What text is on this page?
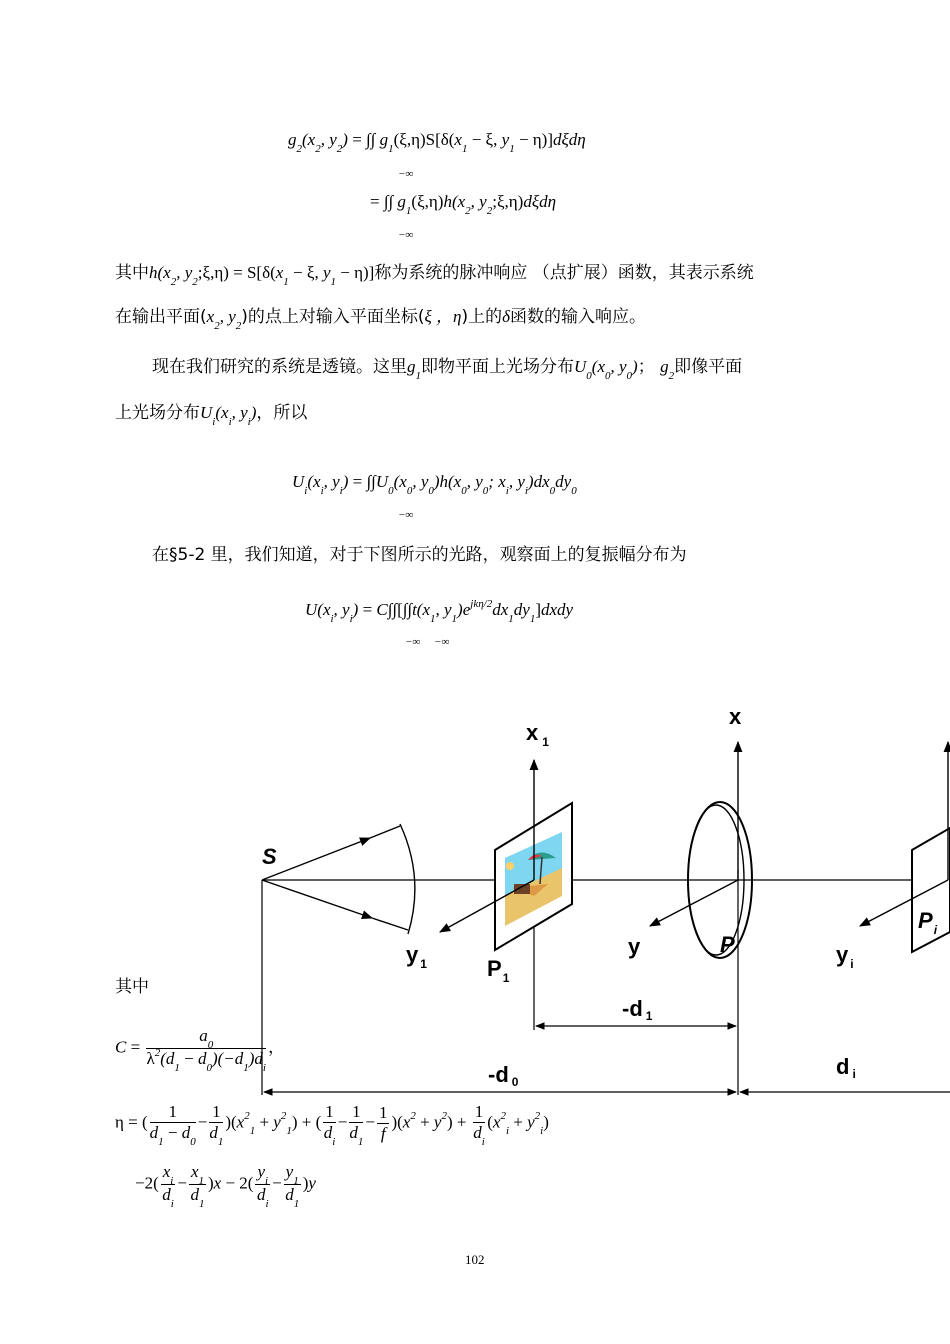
$g_2(x_2$, $y_2$) = ∫∫ $g_1(\xi,\eta)S[\delta(x_1 - \xi$, $y_1 - \eta)]d\xi d\eta$
−∞
= ∫∫ $g_1(\xi,\eta)h(x_2$, $y_2;\xi,\eta)d\xi d\eta$
−∞
其中$h(x_2$, $y_2;\xi,\eta) = S[\delta(x_1 - \xi$, $y_1 - \eta$)]称为系统的脉冲响应 （点扩展）函数，其表示系统
在输出平面($x_2$, $y_2$)的点上对输入平面坐标(ξ ，η)上的δ函数的输入响应。
现在我们研究的系统是透镜。这里$g_1$即物平面上光场分布$U_0(x_0$, $y_0$)； $g_2$即像平面
上光场分布$U_i(x_i$, $y_i$)，所以
$U_i(x_i$, $y_i) = \int\int U_0(x_0$, $y_0)h(x_0$, $y_0$; $x_i$, $y_i)dx_0dy_0$
−∞
在§5-2 里，我们知道，对于下图所示的光路，观察面上的复振幅分布为
$U(x_i$, $y_i) = C\int\int[\int\int t(x_1$, $y_1)e^{jk\eta/2}dx_1dy_1]dxdy$
−∞     −∞
S
x $_1$
x
y $_1$	$P_1$
y	P	y $_i$
$P_i$
-d 1
-d 0
di
其中
$C = \frac{a_0}{\lambda^2(d_1 - d_0)(-d_1)d_i}$ ，
η = ( $\frac{1}{d_1 - d_0} - \frac{1}{d_1} )(x^2_1 + y^2_1)$ + ( $\frac{1}{d_i} - \frac{1}{d_1} - \frac{1}{f} )(x^2 + y^2) + \frac{1}{d_i} (x^2_i + y^2_i)$
$-2( \frac{x_i}{d_i} - \frac{x_1}{d_1} )x - 2( \frac{y_i}{d_i} - \frac{y_1}{d_1} )y$
102
